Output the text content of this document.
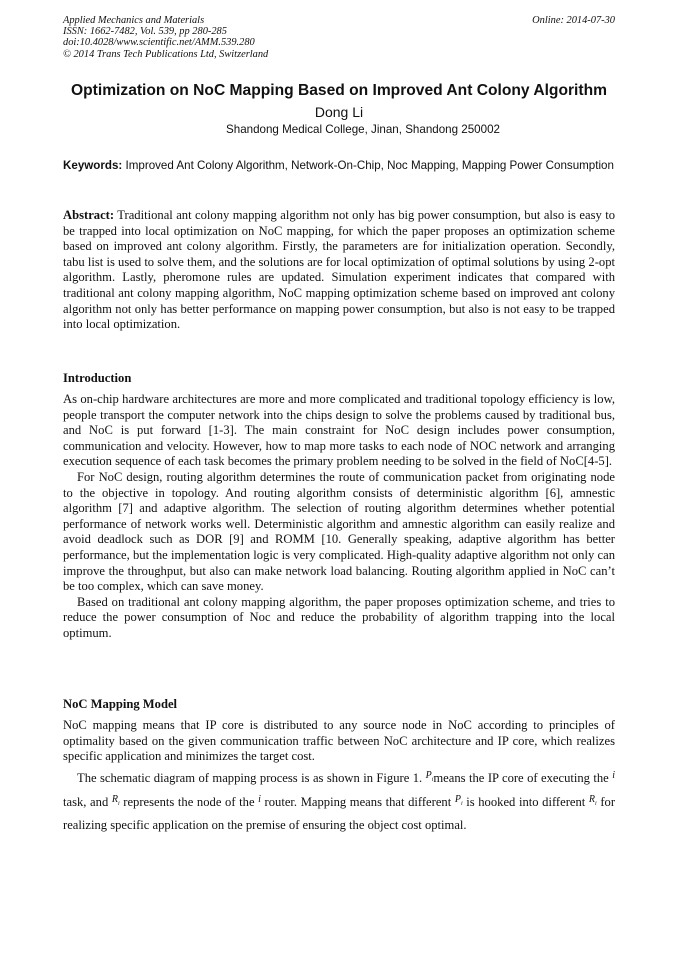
Applied Mechanics and Materials
ISSN: 1662-7482, Vol. 539, pp 280-285
doi:10.4028/www.scientific.net/AMM.539.280
© 2014 Trans Tech Publications Ltd, Switzerland
Online: 2014-07-30
Optimization on NoC Mapping Based on Improved Ant Colony Algorithm
Dong Li
Shandong Medical College, Jinan, Shandong 250002
Keywords: Improved Ant Colony Algorithm, Network-On-Chip, Noc Mapping, Mapping Power Consumption

Abstract: Traditional ant colony mapping algorithm not only has big power consumption, but also is easy to be trapped into local optimization on NoC mapping, for which the paper proposes an optimization scheme based on improved ant colony algorithm. Firstly, the parameters are for initialization operation. Secondly, tabu list is used to solve them, and the solutions are for local optimization of optimal solutions by using 2-opt algorithm. Lastly, pheromone rules are updated. Simulation experiment indicates that compared with traditional ant colony mapping algorithm, NoC mapping optimization scheme based on improved ant colony algorithm not only has better performance on mapping power consumption, but also is not easy to be trapped into local optimization.

Introduction

As on-chip hardware architectures are more and more complicated and traditional topology efficiency is low, people transport the computer network into the chips design to solve the problems caused by traditional bus, and NoC is put forward [1-3]. The main constraint for NoC design includes power consumption, communication and velocity. However, how to map more tasks to each node of NOC network and arranging execution sequence of each task becomes the primary problem needing to be solved in the field of NoC[4-5].

For NoC design, routing algorithm determines the route of communication packet from originating node to the objective in topology. And routing algorithm consists of deterministic algorithm [6], amnestic algorithm [7] and adaptive algorithm. The selection of routing algorithm determines whether potential performance of network works well. Deterministic algorithm and amnestic algorithm can easily realize and avoid deadlock such as DOR [9] and ROMM [10. Generally speaking, adaptive algorithm has better performance, but the implementation logic is very complicated. High-quality adaptive algorithm not only can improve the throughput, but also can make network load balancing. Routing algorithm applied in NoC can’t be too complex, which can save money.

Based on traditional ant colony mapping algorithm, the paper proposes optimization scheme, and tries to reduce the power consumption of Noc and reduce the probability of algorithm trapping into the local optimum.

NoC Mapping Model

NoC mapping means that IP core is distributed to any source node in NoC according to principles of optimality based on the given communication traffic between NoC architecture and IP core, which realizes specific application and minimizes the target cost.

The schematic diagram of mapping process is as shown in Figure 1. $^{P_i}$means the IP core of executing the $^i$ task, and $^{R_i}$ represents the node of the $^i$ router. Mapping means that different $^{P_i}$ is hooked into different $^{R_i}$ for realizing specific application on the premise of ensuring the object cost optimal.
